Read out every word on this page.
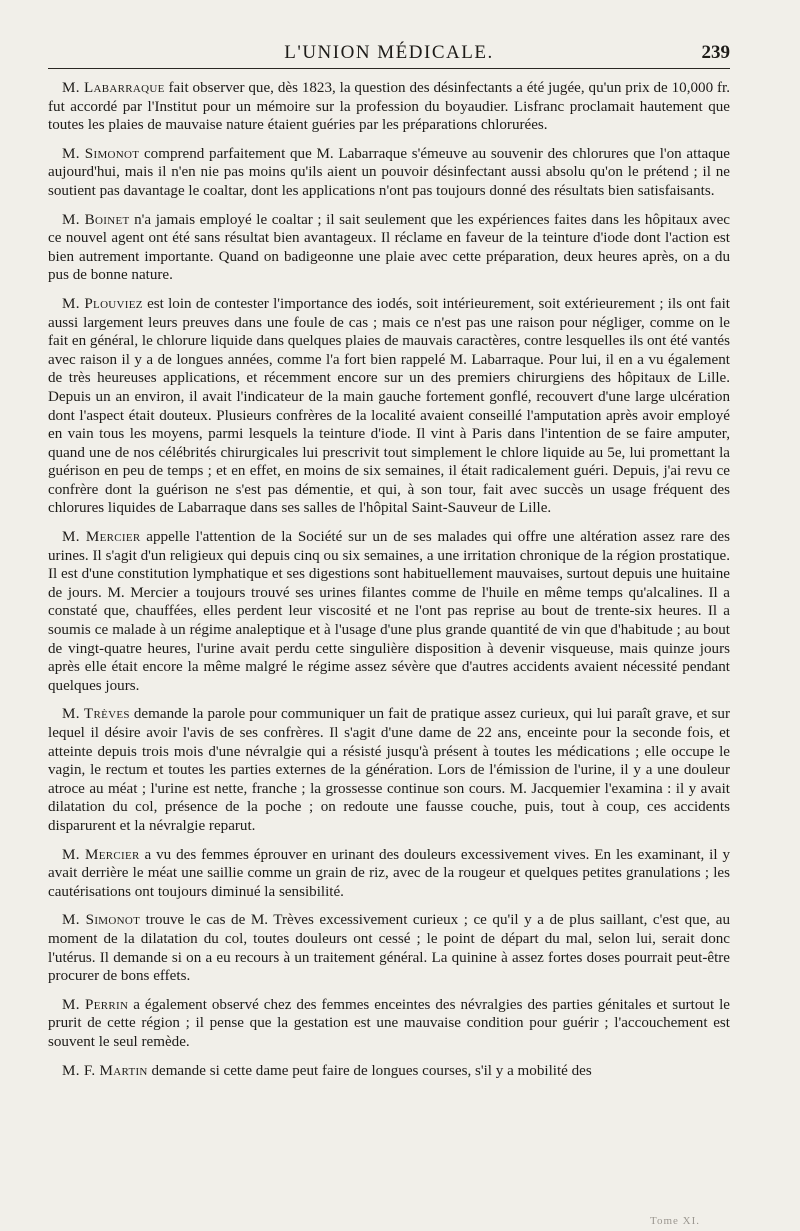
L'UNION MÉDICALE.	239

M. Labarraque fait observer que, dès 1823, la question des désinfectants a été jugée, qu'un prix de 10,000 fr. fut accordé par l'Institut pour un mémoire sur la profession du boyaudier. Lisfranc proclamait hautement que toutes les plaies de mauvaise nature étaient guéries par les préparations chlorurées.

M. Simonot comprend parfaitement que M. Labarraque s'émeuve au souvenir des chlorures que l'on attaque aujourd'hui, mais il n'en nie pas moins qu'ils aient un pouvoir désinfectant aussi absolu qu'on le prétend ; il ne soutient pas davantage le coaltar, dont les applications n'ont pas toujours donné des résultats bien satisfaisants.

M. Boinet n'a jamais employé le coaltar ; il sait seulement que les expériences faites dans les hôpitaux avec ce nouvel agent ont été sans résultat bien avantageux. Il réclame en faveur de la teinture d'iode dont l'action est bien autrement importante. Quand on badigeonne une plaie avec cette préparation, deux heures après, on a du pus de bonne nature.

M. Plouviez est loin de contester l'importance des iodés, soit intérieurement, soit extérieurement ; ils ont fait aussi largement leurs preuves dans une foule de cas ; mais ce n'est pas une raison pour négliger, comme on le fait en général, le chlorure liquide dans quelques plaies de mauvais caractères, contre lesquelles ils ont été vantés avec raison il y a de longues années, comme l'a fort bien rappelé M. Labarraque. Pour lui, il en a vu également de très heureuses applications, et récemment encore sur un des premiers chirurgiens des hôpitaux de Lille. Depuis un an environ, il avait l'indicateur de la main gauche fortement gonflé, recouvert d'une large ulcération dont l'aspect était douteux. Plusieurs confrères de la localité avaient conseillé l'amputation après avoir employé en vain tous les moyens, parmi lesquels la teinture d'iode. Il vint à Paris dans l'intention de se faire amputer, quand une de nos célébrités chirurgicales lui prescrivit tout simplement le chlore liquide au 5e, lui promettant la guérison en peu de temps ; et en effet, en moins de six semaines, il était radicalement guéri. Depuis, j'ai revu ce confrère dont la guérison ne s'est pas démentie, et qui, à son tour, fait avec succès un usage fréquent des chlorures liquides de Labarraque dans ses salles de l'hôpital Saint-Sauveur de Lille.

M. Mercier appelle l'attention de la Société sur un de ses malades qui offre une altération assez rare des urines. Il s'agit d'un religieux qui depuis cinq ou six semaines, a une irritation chronique de la région prostatique. Il est d'une constitution lymphatique et ses digestions sont habituellement mauvaises, surtout depuis une huitaine de jours. M. Mercier a toujours trouvé ses urines filantes comme de l'huile en même temps qu'alcalines. Il a constaté que, chauffées, elles perdent leur viscosité et ne l'ont pas reprise au bout de trente-six heures. Il a soumis ce malade à un régime analeptique et à l'usage d'une plus grande quantité de vin que d'habitude ; au bout de vingt-quatre heures, l'urine avait perdu cette singulière disposition à devenir visqueuse, mais quinze jours après elle était encore la même malgré le régime assez sévère que d'autres accidents avaient nécessité pendant quelques jours.

M. Trèves demande la parole pour communiquer un fait de pratique assez curieux, qui lui paraît grave, et sur lequel il désire avoir l'avis de ses confrères. Il s'agit d'une dame de 22 ans, enceinte pour la seconde fois, et atteinte depuis trois mois d'une névralgie qui a résisté jusqu'à présent à toutes les médications ; elle occupe le vagin, le rectum et toutes les parties externes de la génération. Lors de l'émission de l'urine, il y a une douleur atroce au méat ; l'urine est nette, franche ; la grossesse continue son cours. M. Jacquemier l'examina : il y avait dilatation du col, présence de la poche ; on redoute une fausse couche, puis, tout à coup, ces accidents disparurent et la névralgie reparut.

M. Mercier a vu des femmes éprouver en urinant des douleurs excessivement vives. En les examinant, il y avait derrière le méat une saillie comme un grain de riz, avec de la rougeur et quelques petites granulations ; les cautérisations ont toujours diminué la sensibilité.

M. Simonot trouve le cas de M. Trèves excessivement curieux ; ce qu'il y a de plus saillant, c'est que, au moment de la dilatation du col, toutes douleurs ont cessé ; le point de départ du mal, selon lui, serait donc l'utérus. Il demande si on a eu recours à un traitement général. La quinine à assez fortes doses pourrait peut-être procurer de bons effets.

M. Perrin a également observé chez des femmes enceintes des névralgies des parties génitales et surtout le prurit de cette région ; il pense que la gestation est une mauvaise condition pour guérir ; l'accouchement est souvent le seul remède.

M. F. Martin demande si cette dame peut faire de longues courses, s'il y a mobilité des

Tome XI.
